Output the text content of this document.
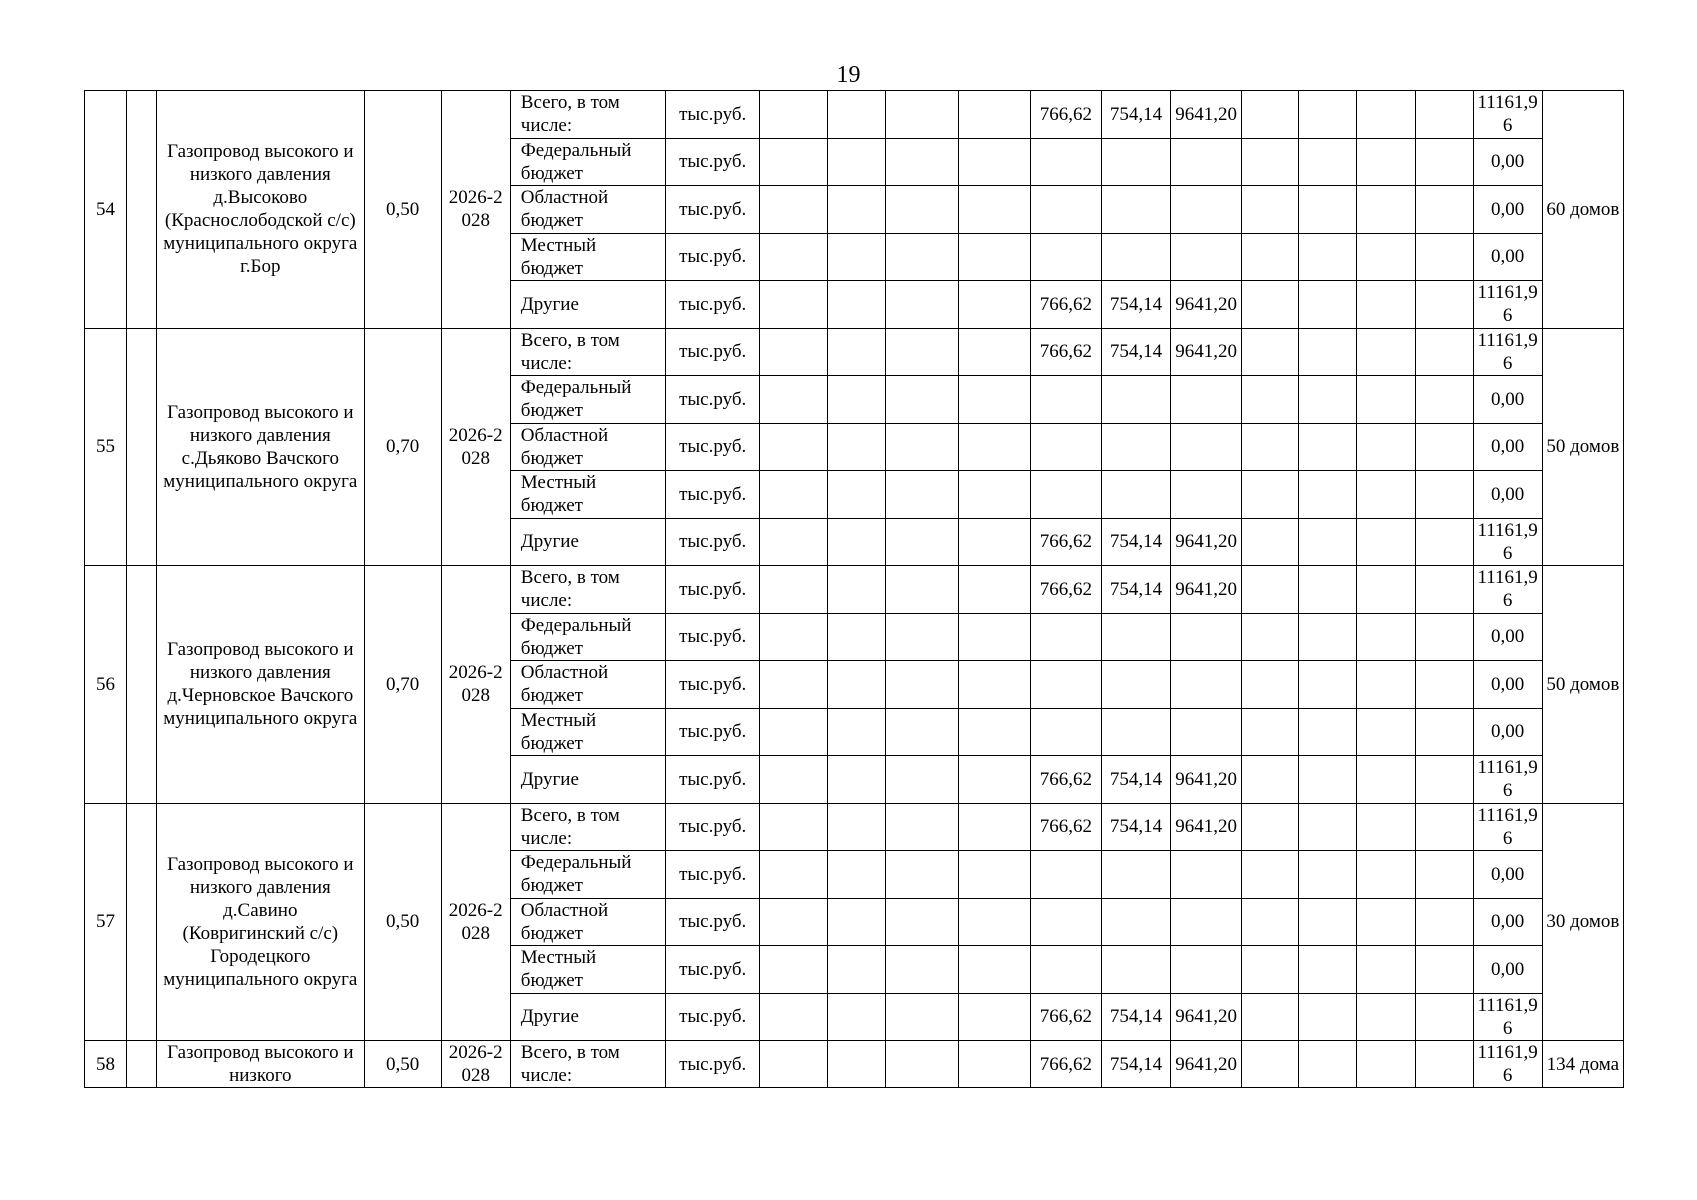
19
54		Газопровод высокого и низкого давления д.Высоково (Краснослободской с/с) муниципального округа г.Бор	0,50	2026-2028	Всего, в том числе:	тыс.руб.					766,62	754,14	9641,20					11161,96	60 домов
					Федеральный бюджет	тыс.руб.												0,00	
					Областной бюджет	тыс.руб.												0,00	
					Местный бюджет	тыс.руб.												0,00	
					Другие	тыс.руб.					766,62	754,14	9641,20					11161,96	
55		Газопровод высокого и низкого давления с.Дьяково Вачского муниципального округа	0,70	2026-2028	Всего, в том числе:	тыс.руб.					766,62	754,14	9641,20					11161,96	50 домов
					Федеральный бюджет	тыс.руб.												0,00	
					Областной бюджет	тыс.руб.												0,00	
					Местный бюджет	тыс.руб.												0,00	
					Другие	тыс.руб.					766,62	754,14	9641,20					11161,96	
56		Газопровод высокого и низкого давления д.Черновское Вачского муниципального округа	0,70	2026-2028	Всего, в том числе:	тыс.руб.					766,62	754,14	9641,20					11161,96	50 домов
					Федеральный бюджет	тыс.руб.												0,00	
					Областной бюджет	тыс.руб.												0,00	
					Местный бюджет	тыс.руб.												0,00	
					Другие	тыс.руб.					766,62	754,14	9641,20					11161,96	
57		Газопровод высокого и низкого давления д.Савино (Ковригинский с/с) Городецкого муниципального округа	0,50	2026-2028	Всего, в том числе:	тыс.руб.					766,62	754,14	9641,20					11161,96	30 домов
					Федеральный бюджет	тыс.руб.												0,00	
					Областной бюджет	тыс.руб.												0,00	
					Местный бюджет	тыс.руб.												0,00	
					Другие	тыс.руб.					766,62	754,14	9641,20					11161,96	
58		Газопровод высокого и низкого	0,50	2026-2028	Всего, в том числе:	тыс.руб.					766,62	754,14	9641,20					11161,96	134 дома
